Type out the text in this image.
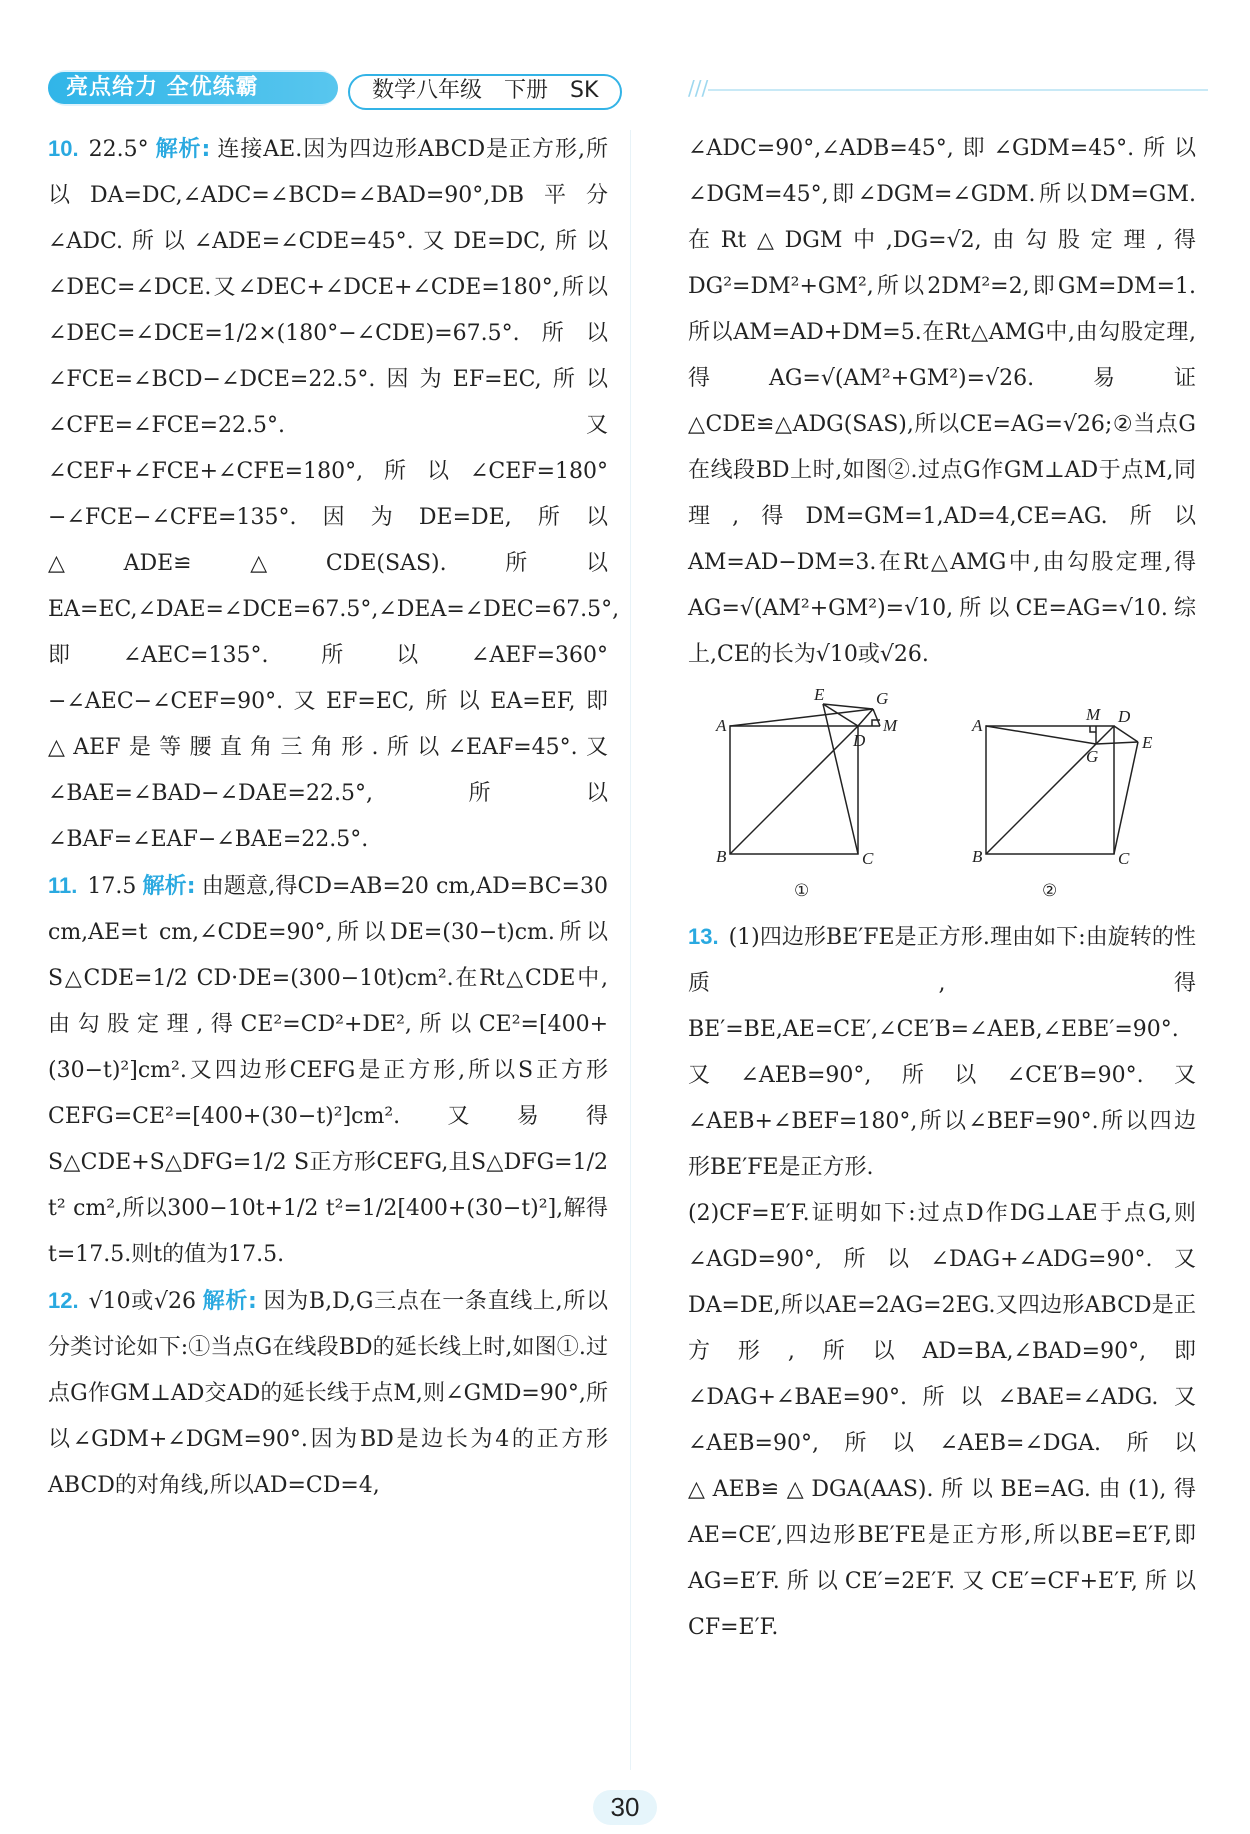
亮点给力 全优练霸	数学八年级　下册　SK	///
10. 22.5° 解析: 连接AE.因为四边形ABCD是正方形,所以DA=DC,∠ADC=∠BCD=∠BAD=90°,DB平分∠ADC.所以∠ADE=∠CDE=45°.又DE=DC,所以∠DEC=∠DCE.又∠DEC+∠DCE+∠CDE=180°,所以∠DEC=∠DCE=1/2×(180°−∠CDE)=67.5°.所以∠FCE=∠BCD−∠DCE=22.5°.因为EF=EC,所以∠CFE=∠FCE=22.5°.又∠CEF+∠FCE+∠CFE=180°,所以∠CEF=180°−∠FCE−∠CFE=135°.因为DE=DE,所以△ADE≌△CDE(SAS).所以EA=EC,∠DAE=∠DCE=67.5°,∠DEA=∠DEC=67.5°,即∠AEC=135°.所以∠AEF=360°−∠AEC−∠CEF=90°.又EF=EC,所以EA=EF,即△AEF是等腰直角三角形.所以∠EAF=45°.又∠BAE=∠BAD−∠DAE=22.5°,所以∠BAF=∠EAF−∠BAE=22.5°.
11. 17.5 解析: 由题意,得CD=AB=20 cm,AD=BC=30 cm,AE=t cm,∠CDE=90°,所以DE=(30−t)cm.所以S△CDE=1/2 CD·DE=(300−10t)cm².在Rt△CDE中,由勾股定理,得CE²=CD²+DE²,所以CE²=[400+(30−t)²]cm².又四边形CEFG是正方形,所以S正方形CEFG=CE²=[400+(30−t)²]cm².又易得S△CDE+S△DFG=1/2 S正方形CEFG,且S△DFG=1/2 t² cm²,所以300−10t+1/2 t²=1/2[400+(30−t)²],解得t=17.5.则t的值为17.5.
12. √10或√26 解析: 因为B,D,G三点在一条直线上,所以分类讨论如下:①当点G在线段BD的延长线上时,如图①.过点G作GM⊥AD交AD的延长线于点M,则∠GMD=90°,所以∠GDM+∠DGM=90°.因为BD是边长为4的正方形ABCD的对角线,所以AD=CD=4,
∠ADC=90°,∠ADB=45°,即∠GDM=45°.所以∠DGM=45°,即∠DGM=∠GDM.所以DM=GM.在Rt△DGM中,DG=√2,由勾股定理,得DG²=DM²+GM²,所以2DM²=2,即GM=DM=1.所以AM=AD+DM=5.在Rt△AMG中,由勾股定理,得AG=√(AM²+GM²)=√26.易证△CDE≌△ADG(SAS),所以CE=AG=√26;②当点G在线段BD上时,如图②.过点G作GM⊥AD于点M,同理,得DM=GM=1,AD=4,CE=AG.所以AM=AD−DM=3.在Rt△AMG中,由勾股定理,得AG=√(AM²+GM²)=√10,所以CE=AG=√10.综上,CE的长为√10或√26.
A
B	C
D
E	G
M
①
A
B	C
D
E
G
M
②
13. (1)四边形BE′FE是正方形.理由如下:由旋转的性质,得BE′=BE,AE=CE′,∠CE′B=∠AEB,∠EBE′=90°.又∠AEB=90°,所以∠CE′B=90°.又∠AEB+∠BEF=180°,所以∠BEF=90°.所以四边形BE′FE是正方形.
(2)CF=E′F.证明如下:过点D作DG⊥AE于点G,则∠AGD=90°,所以∠DAG+∠ADG=90°.又DA=DE,所以AE=2AG=2EG.又四边形ABCD是正方形,所以AD=BA,∠BAD=90°,即∠DAG+∠BAE=90°.所以∠BAE=∠ADG.又∠AEB=90°,所以∠AEB=∠DGA.所以△AEB≌△DGA(AAS).所以BE=AG.由(1),得AE=CE′,四边形BE′FE是正方形,所以BE=E′F,即AG=E′F.所以CE′=2E′F.又CE′=CF+E′F,所以CF=E′F.
30
